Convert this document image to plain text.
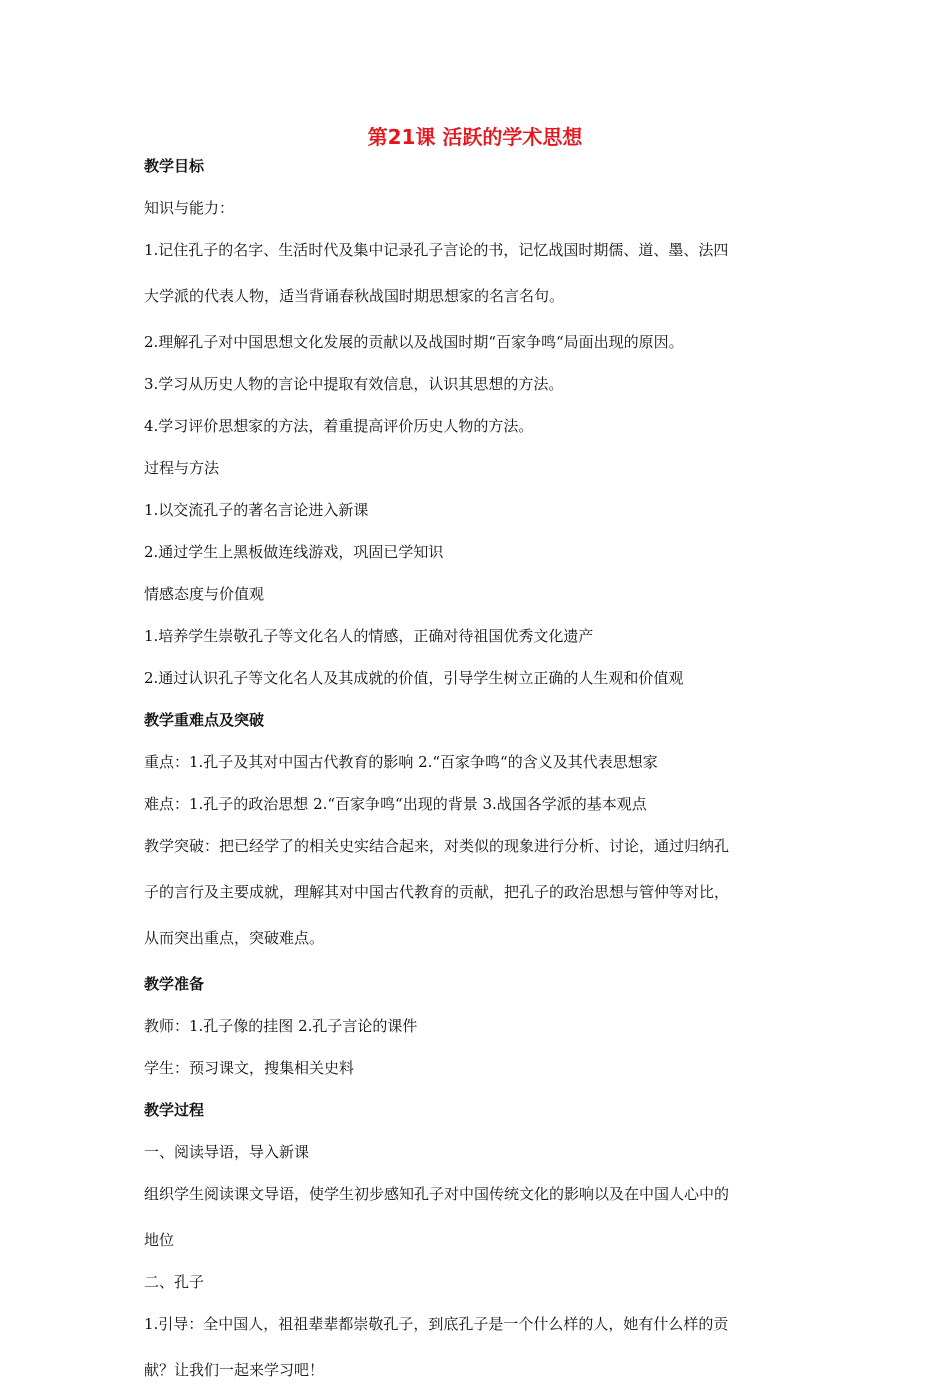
第21课 活跃的学术思想
教学目标
知识与能力：
1.记住孔子的名字、生活时代及集中记录孔子言论的书，记忆战国时期儒、道、墨、法四
大学派的代表人物，适当背诵春秋战国时期思想家的名言名句。
2.理解孔子对中国思想文化发展的贡献以及战国时期“百家争鸣“局面出现的原因。
3.学习从历史人物的言论中提取有效信息，认识其思想的方法。
4.学习评价思想家的方法，着重提高评价历史人物的方法。
过程与方法
1.以交流孔子的著名言论进入新课
2.通过学生上黑板做连线游戏，巩固已学知识
情感态度与价值观
1.培养学生崇敬孔子等文化名人的情感，正确对待祖国优秀文化遗产
2.通过认识孔子等文化名人及其成就的价值，引导学生树立正确的人生观和价值观
教学重难点及突破
重点：1.孔子及其对中国古代教育的影响 2.“百家争鸣“的含义及其代表思想家
难点：1.孔子的政治思想 2.“百家争鸣“出现的背景 3.战国各学派的基本观点
教学突破：把已经学了的相关史实结合起来，对类似的现象进行分析、讨论，通过归纳孔
子的言行及主要成就，理解其对中国古代教育的贡献，把孔子的政治思想与管仲等对比，
从而突出重点，突破难点。
教学准备
教师：1.孔子像的挂图 2.孔子言论的课件
学生：预习课文，搜集相关史料
教学过程
一、阅读导语，导入新课
组织学生阅读课文导语，使学生初步感知孔子对中国传统文化的影响以及在中国人心中的
地位
二、孔子
1.引导：全中国人，祖祖辈辈都崇敬孔子，到底孔子是一个什么样的人，她有什么样的贡
献？让我们一起来学习吧！
